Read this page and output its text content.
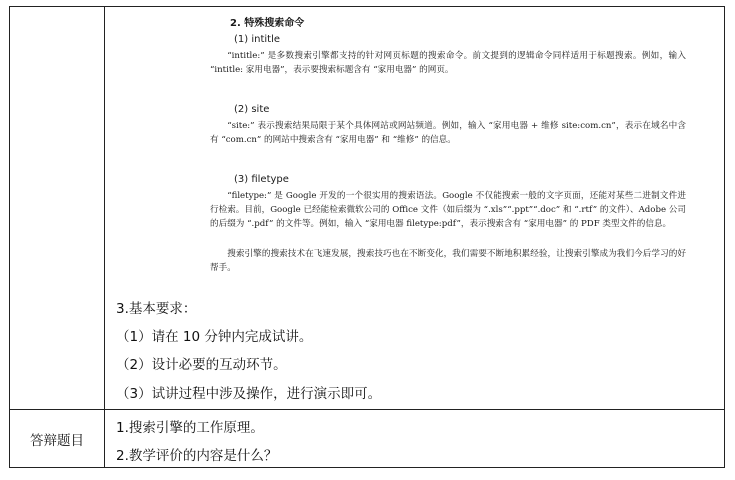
2. 特殊搜索命令

(1) intitle

“intitle:” 是多数搜索引擎都支持的针对网页标题的搜索命令。前文提到的逻辑命令同样适用于标题搜索。例如，输入 “intitle: 家用电器”，表示要搜索标题含有 “家用电器” 的网页。

(2) site

“site:” 表示搜索结果局限于某个具体网站或网站频道。例如，输入 “家用电器 + 维修 site:com.cn”，表示在域名中含有 “com.cn” 的网站中搜索含有 “家用电器” 和 “维修” 的信息。

(3) filetype

“filetype:” 是 Google 开发的一个很实用的搜索语法。Google 不仅能搜索一般的文字页面，还能对某些二进制文件进行检索。目前，Google 已经能检索微软公司的 Office 文件（如后缀为 “.xls”“.ppt”“.doc” 和 “.rtf” 的文件）、Adobe 公司的后缀为 “.pdf” 的文件等。例如，输入 “家用电器 filetype:pdf”，表示搜索含有 “家用电器” 的 PDF 类型文件的信息。

搜索引擎的搜索技术在飞速发展，搜索技巧也在不断变化，我们需要不断地积累经验，让搜索引擎成为我们今后学习的好帮手。

3.基本要求：
（1）请在 10 分钟内完成试讲。
（2）设计必要的互动环节。
（3）试讲过程中涉及操作，进行演示即可。
答辩题目
1.搜索引擎的工作原理。
2.教学评价的内容是什么？
